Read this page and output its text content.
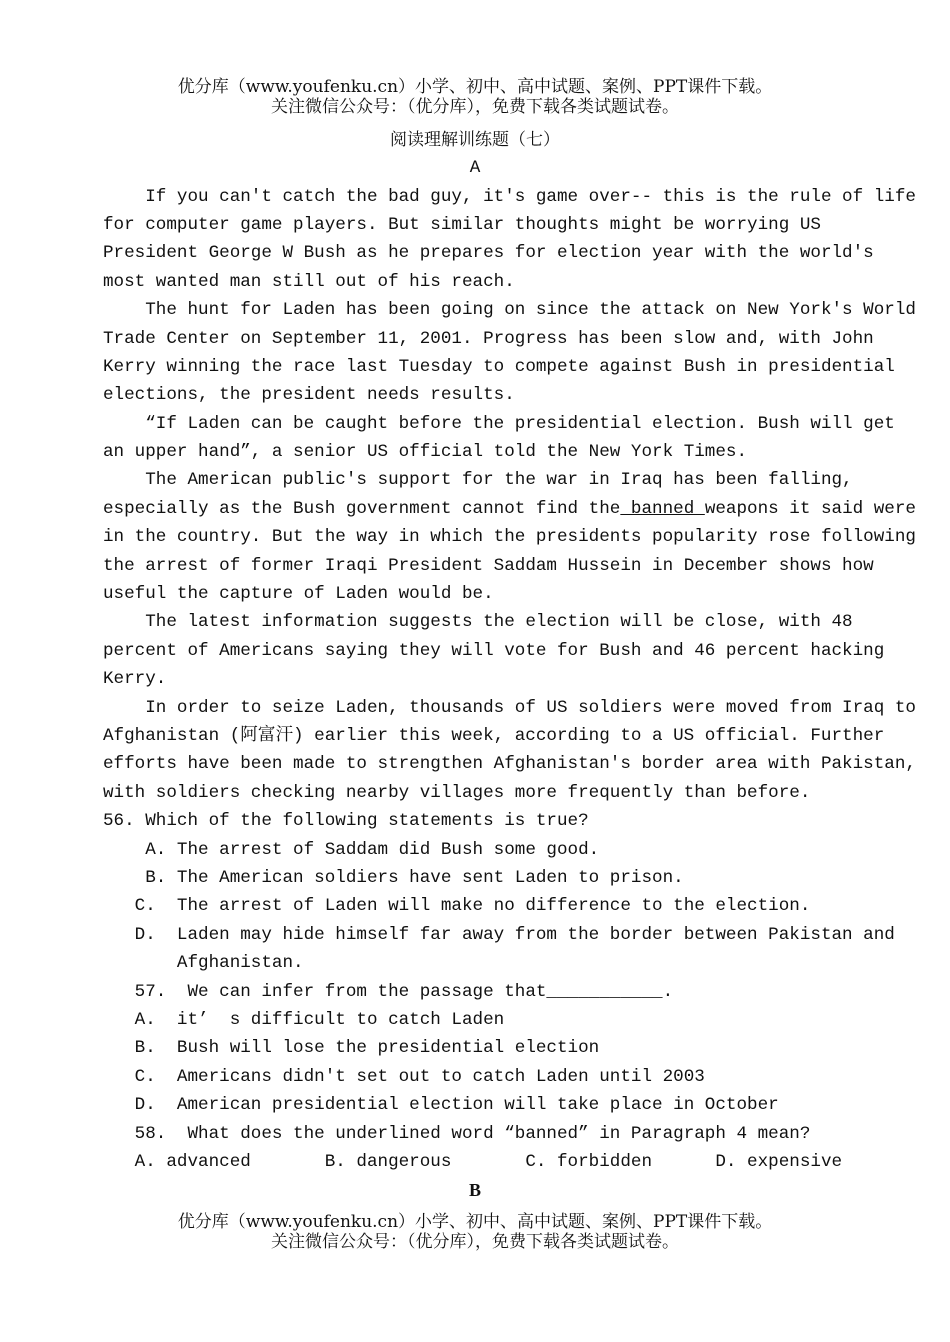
优分库（www.youfenku.cn）小学、初中、高中试题、案例、PPT课件下载。
关注微信公众号：（优分库），免费下载各类试题试卷。
阅读理解训练题（七）
A
If you can't catch the bad guy, it's game over-- this is the rule of life
for computer game players. But similar thoughts might be worrying US
President George W Bush as he prepares for election year with the world's
most wanted man still out of his reach.
The hunt for Laden has been going on since the attack on New York's World
Trade Center on September 11, 2001. Progress has been slow and, with John
Kerry winning the race last Tuesday to compete against Bush in presidential
elections, the president needs results.
“If Laden can be caught before the presidential election. Bush will get
an upper hand”, a senior US official told the New York Times.
The American public's support for the war in Iraq has been falling,
especially as the Bush government cannot find the banned weapons it said were
in the country. But the way in which the presidents popularity rose following
the arrest of former Iraqi President Saddam Hussein in December shows how
useful the capture of Laden would be.
The latest information suggests the election will be close, with 48
percent of Americans saying they will vote for Bush and 46 percent hacking
Kerry.
In order to seize Laden, thousands of US soldiers were moved from Iraq to
Afghanistan (阿富汗) earlier this week, according to a US official. Further
efforts have been made to strengthen Afghanistan's border area with Pakistan,
with soldiers checking nearby villages more frequently than before.
56. Which of the following statements is true?
A. The arrest of Saddam did Bush some good.
B. The American soldiers have sent Laden to prison.
C.  The arrest of Laden will make no difference to the election.
D.  Laden may hide himself far away from the border between Pakistan and
Afghanistan.
57.  We can infer from the passage that___________.
A.  it’  s difficult to catch Laden
B.  Bush will lose the presidential election
C.  Americans didn't set out to catch Laden until 2003
D.  American presidential election will take place in October
58.  What does the underlined word “banned” in Paragraph 4 mean?
A. advanced       B. dangerous       C. forbidden      D. expensive
B
优分库（www.youfenku.cn）小学、初中、高中试题、案例、PPT课件下载。
关注微信公众号：（优分库），免费下载各类试题试卷。
